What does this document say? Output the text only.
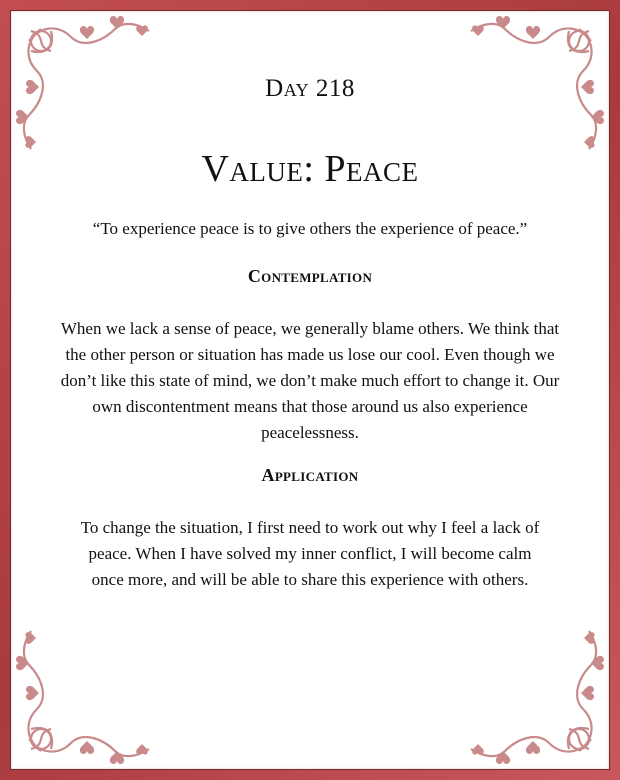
Day 218
Value: Peace
“To experience peace is to give others the experience of peace.”
Contemplation
When we lack a sense of peace, we generally blame others. We think that the other person or situation has made us lose our cool. Even though we don’t like this state of mind, we don’t make much effort to change it. Our own discontentment means that those around us also experience peacelessness.
Application
To change the situation, I first need to work out why I feel a lack of peace. When I have solved my inner conflict, I will become calm once more, and will be able to share this experience with others.
